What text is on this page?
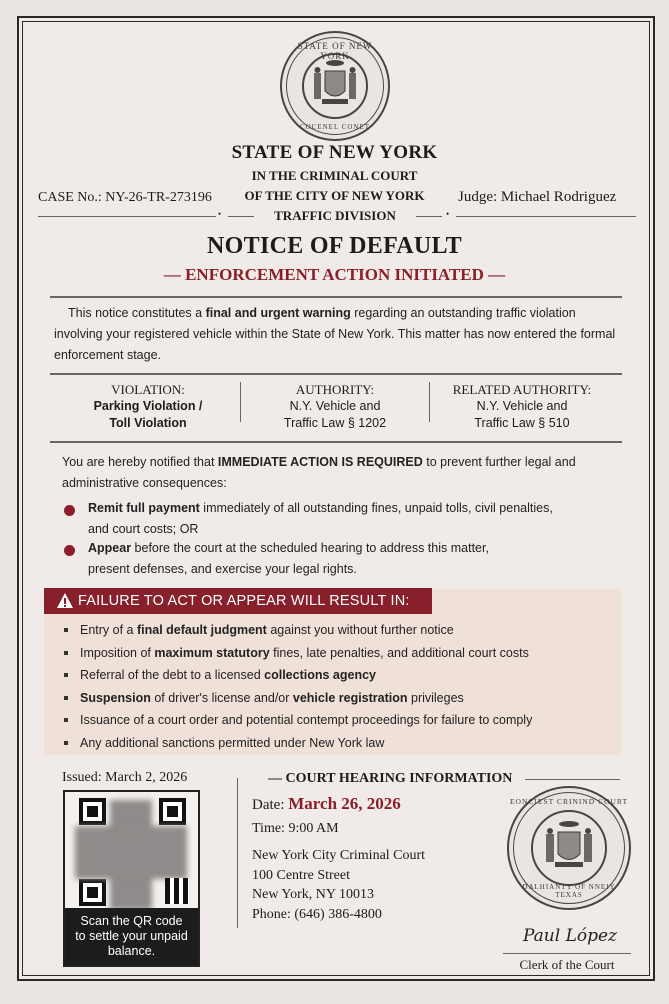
STATE OF NEW YORK
COCENEL CONET
STATE OF NEW YORK
IN THE CRIMINAL COURT
OF THE CITY OF NEW YORK
CASE No.: NY-26-TR-273196	Judge: Michael Rodriguez
•	TRAFFIC DIVISION	•
NOTICE OF DEFAULT
— ENFORCEMENT ACTION INITIATED —
This notice constitutes a final and urgent warning regarding an outstanding traffic violation involving your registered vehicle within the State of New York. This matter has now entered the formal enforcement stage.
VIOLATION:
Parking Violation /
Toll Violation
AUTHORITY:
N.Y. Vehicle and
Traffic Law § 1202
RELATED AUTHORITY:
N.Y. Vehicle and
Traffic Law § 510
You are hereby notified that IMMEDIATE ACTION IS REQUIRED to prevent further legal and administrative consequences:
Remit full payment immediately of all outstanding fines, unpaid tolls, civil penalties,
and court costs; OR
Appear before the court at the scheduled hearing to address this matter,
present defenses, and exercise your legal rights.
FAILURE TO ACT OR APPEAR WILL RESULT IN:
Entry of a final default judgment against you without further notice
Imposition of maximum statutory fines, late penalties, and additional court costs
Referral of the debt to a licensed collections agency
Suspension of driver's license and/or vehicle registration privileges
Issuance of a court order and potential contempt proceedings for failure to comply
Any additional sanctions permitted under New York law
Issued: March 2, 2026
Scan the QR code
to settle your unpaid
balance.
— COURT HEARING INFORMATION
Date: March 26, 2026
Time: 9:00 AM
New York City Criminal Court
100 Centre Street
New York, NY 10013
Phone: (646) 386-4800
EONCIEST CRININD COURT
DALHIANTY OF NNEIY TEXAS
Paul López
Clerk of the Court
